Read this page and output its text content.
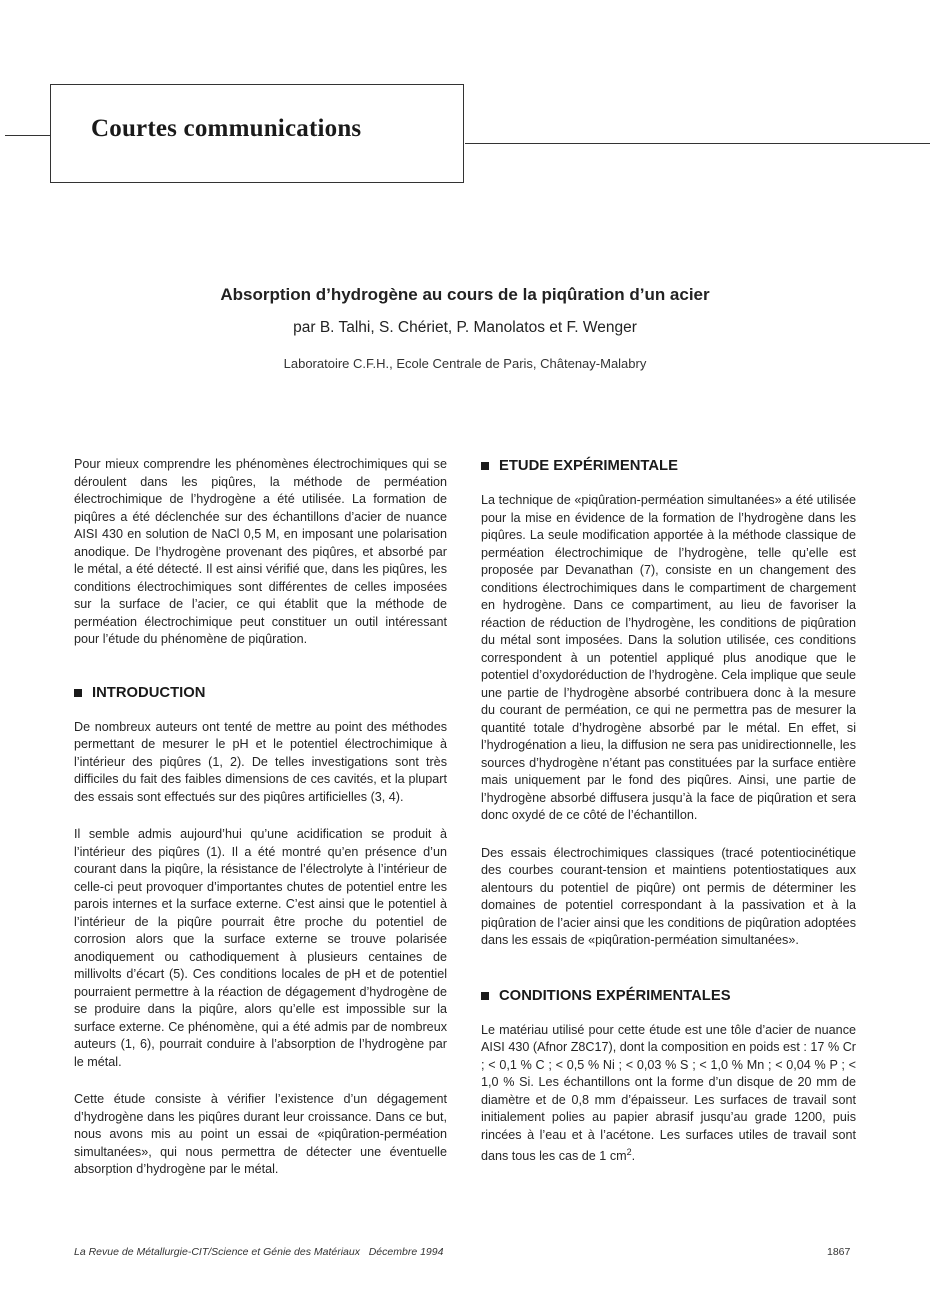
Courtes communications
Absorption d’hydrogène au cours de la piqûration d’un acier
par B. Talhi, S. Chériet, P. Manolatos et F. Wenger
Laboratoire C.F.H., Ecole Centrale de Paris, Châtenay-Malabry

Pour mieux comprendre les phénomènes électrochimiques qui se déroulent dans les piqûres, la méthode de perméation électrochimique de l’hydrogène a été utilisée. La formation de piqûres a été déclenchée sur des échantillons d’acier de nuance AISI 430 en solution de NaCl 0,5 M, en imposant une polarisation anodique. De l’hydrogène provenant des piqûres, et absorbé par le métal, a été détecté. Il est ainsi vérifié que, dans les piqûres, les conditions électrochimiques sont différentes de celles imposées sur la surface de l’acier, ce qui établit que la méthode de perméation électrochimique peut constituer un outil intéressant pour l’étude du phénomène de piqûration.

INTRODUCTION

De nombreux auteurs ont tenté de mettre au point des méthodes permettant de mesurer le pH et le potentiel électrochimique à l’intérieur des piqûres (1, 2). De telles investigations sont très difficiles du fait des faibles dimensions de ces cavités, et la plupart des essais sont effectués sur des piqûres artificielles (3, 4).

Il semble admis aujourd’hui qu’une acidification se produit à l’intérieur des piqûres (1). Il a été montré qu’en présence d’un courant dans la piqûre, la résistance de l’électrolyte à l’intérieur de celle-ci peut provoquer d’importantes chutes de potentiel entre les parois internes et la surface externe. C’est ainsi que le potentiel à l’intérieur de la piqûre pourrait être proche du potentiel de corrosion alors que la surface externe se trouve polarisée anodiquement ou cathodiquement à plusieurs centaines de millivolts d’écart (5). Ces conditions locales de pH et de potentiel pourraient permettre à la réaction de dégagement d’hydrogène de se produire dans la piqûre, alors qu’elle est impossible sur la surface externe. Ce phénomène, qui a été admis par de nombreux auteurs (1, 6), pourrait conduire à l’absorption de l’hydrogène par le métal.

Cette étude consiste à vérifier l’existence d’un dégagement d’hydrogène dans les piqûres durant leur croissance. Dans ce but, nous avons mis au point un essai de «piqûration-perméation simultanées», qui nous permettra de détecter une éventuelle absorption d’hydrogène par le métal.

ETUDE EXPÉRIMENTALE

La technique de «piqûration-perméation simultanées» a été utilisée pour la mise en évidence de la formation de l’hydrogène dans les piqûres. La seule modification apportée à la méthode classique de perméation électrochimique de l’hydrogène, telle qu’elle est proposée par Devanathan (7), consiste en un changement des conditions électrochimiques dans le compartiment de chargement en hydrogène. Dans ce compartiment, au lieu de favoriser la réaction de réduction de l’hydrogène, les conditions de piqûration du métal sont imposées. Dans la solution utilisée, ces conditions correspondent à un potentiel appliqué plus anodique que le potentiel d’oxydoréduction de l’hydrogène. Cela implique que seule une partie de l’hydrogène absorbé contribuera donc à la mesure du courant de perméation, ce qui ne permettra pas de mesurer la quantité totale d’hydrogène absorbé par le métal. En effet, si l’hydrogénation a lieu, la diffusion ne sera pas unidirectionnelle, les sources d’hydrogène n’étant pas constituées par la surface entière mais uniquement par le fond des piqûres. Ainsi, une partie de l’hydrogène absorbé diffusera jusqu’à la face de piqûration et sera donc oxydé de ce côté de l’échantillon.

Des essais électrochimiques classiques (tracé potentiocinétique des courbes courant-tension et maintiens potentiostatiques aux alentours du potentiel de piqûre) ont permis de déterminer les domaines de potentiel correspondant à la passivation et à la piqûration de l’acier ainsi que les conditions de piqûration adoptées dans les essais de «piqûration-perméation simultanées».

CONDITIONS EXPÉRIMENTALES

Le matériau utilisé pour cette étude est une tôle d’acier de nuance AISI 430 (Afnor Z8C17), dont la composition en poids est : 17 % Cr ; < 0,1 % C ; < 0,5 % Ni ; < 0,03 % S ; < 1,0 % Mn ; < 0,04 % P ; < 1,0 % Si. Les échantillons ont la forme d’un disque de 20 mm de diamètre et de 0,8 mm d’épaisseur. Les surfaces de travail sont initialement polies au papier abrasif jusqu’au grade 1200, puis rincées à l’eau et à l’acétone. Les surfaces utiles de travail sont dans tous les cas de 1 $cm^2$.

La Revue de Métallurgie-CIT/Science et Génie des Matériaux   Décembre 1994	1867
